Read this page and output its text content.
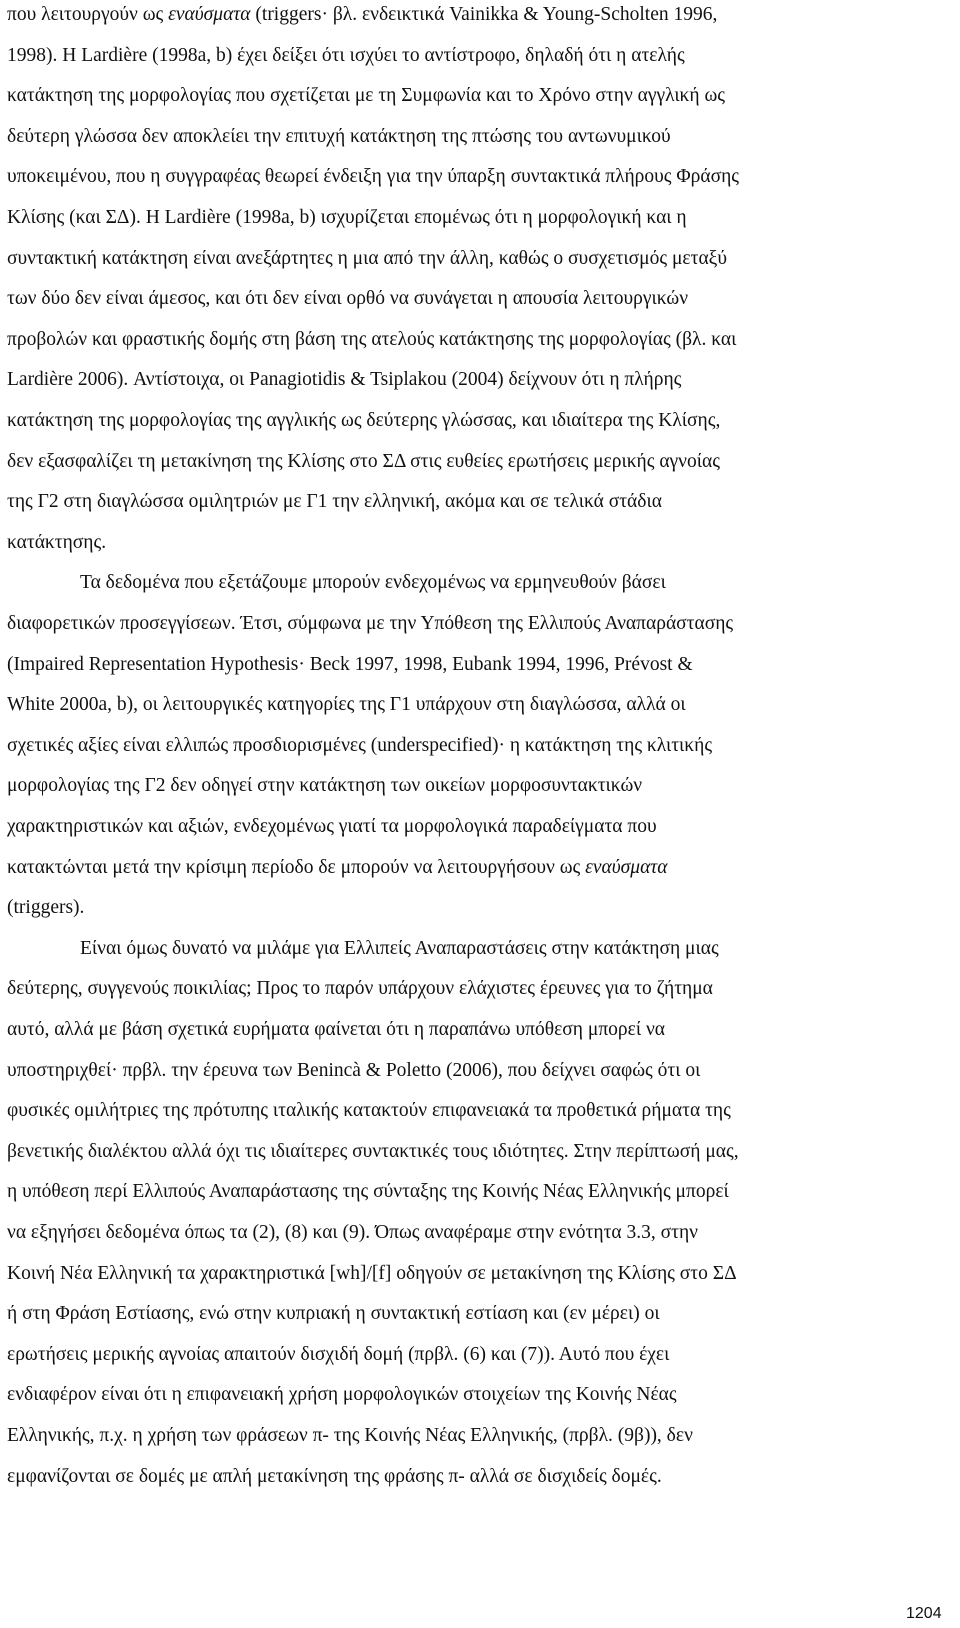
που λειτουργούν ως εναύσματα (triggers· βλ. ενδεικτικά Vainikka & Young-Scholten 1996,
1998). Η Lardière (1998a, b) έχει δείξει ότι ισχύει το αντίστροφο, δηλαδή ότι η ατελής
κατάκτηση της μορφολογίας που σχετίζεται με τη Συμφωνία και το Χρόνο στην αγγλική ως
δεύτερη γλώσσα δεν αποκλείει την επιτυχή κατάκτηση της πτώσης του αντωνυμικού
υποκειμένου, που η συγγραφέας θεωρεί ένδειξη για την ύπαρξη συντακτικά πλήρους Φράσης
Κλίσης (και ΣΔ). Η Lardière (1998a, b) ισχυρίζεται επομένως ότι η μορφολογική και η
συντακτική κατάκτηση είναι ανεξάρτητες η μια από την άλλη, καθώς ο συσχετισμός μεταξύ
των δύο δεν είναι άμεσος, και ότι δεν είναι ορθό να συνάγεται η απουσία λειτουργικών
προβολών και φραστικής δομής στη βάση της ατελούς κατάκτησης της μορφολογίας (βλ. και
Lardière 2006). Αντίστοιχα, οι Panagiotidis & Tsiplakou (2004) δείχνουν ότι η πλήρης
κατάκτηση της μορφολογίας της αγγλικής ως δεύτερης γλώσσας, και ιδιαίτερα της Κλίσης,
δεν εξασφαλίζει τη μετακίνηση της Κλίσης στο ΣΔ στις ευθείες ερωτήσεις μερικής αγνοίας
της Γ2 στη διαγλώσσα ομιλητριών με Γ1 την ελληνική, ακόμα και σε τελικά στάδια
κατάκτησης.
Τα δεδομένα που εξετάζουμε μπορούν ενδεχομένως να ερμηνευθούν βάσει
διαφορετικών προσεγγίσεων. Έτσι, σύμφωνα με την Υπόθεση της Ελλιπούς Αναπαράστασης
(Impaired Representation Hypothesis· Beck 1997, 1998, Eubank 1994, 1996, Prévost &
White 2000a, b), οι λειτουργικές κατηγορίες της Γ1 υπάρχουν στη διαγλώσσα, αλλά οι
σχετικές αξίες είναι ελλιπώς προσδιορισμένες (underspecified)· η κατάκτηση της κλιτικής
μορφολογίας της Γ2 δεν οδηγεί στην κατάκτηση των οικείων μορφοσυντακτικών
χαρακτηριστικών και αξιών, ενδεχομένως γιατί τα μορφολογικά παραδείγματα που
κατακτώνται μετά την κρίσιμη περίοδο δε μπορούν να λειτουργήσουν ως εναύσματα
(triggers).
Είναι όμως δυνατό να μιλάμε για Ελλιπείς Αναπαραστάσεις στην κατάκτηση μιας
δεύτερης, συγγενούς ποικιλίας; Προς το παρόν υπάρχουν ελάχιστες έρευνες για το ζήτημα
αυτό, αλλά με βάση σχετικά ευρήματα φαίνεται ότι η παραπάνω υπόθεση μπορεί να
υποστηριχθεί· πρβλ. την έρευνα των Benincà & Poletto (2006), που δείχνει σαφώς ότι οι
φυσικές ομιλήτριες της πρότυπης ιταλικής κατακτούν επιφανειακά τα προθετικά ρήματα της
βενετικής διαλέκτου αλλά όχι τις ιδιαίτερες συντακτικές τους ιδιότητες. Στην περίπτωσή μας,
η υπόθεση περί Ελλιπούς Αναπαράστασης της σύνταξης της Κοινής Νέας Ελληνικής μπορεί
να εξηγήσει δεδομένα όπως τα (2), (8) και (9). Όπως αναφέραμε στην ενότητα 3.3, στην
Κοινή Νέα Ελληνική τα χαρακτηριστικά [wh]/[f] οδηγούν σε μετακίνηση της Κλίσης στο ΣΔ
ή στη Φράση Εστίασης, ενώ στην κυπριακή η συντακτική εστίαση και (εν μέρει) οι
ερωτήσεις μερικής αγνοίας απαιτούν δισχιδή δομή (πρβλ. (6) και (7)). Αυτό που έχει
ενδιαφέρον είναι ότι η επιφανειακή χρήση μορφολογικών στοιχείων της Κοινής Νέας
Ελληνικής, π.χ. η χρήση των φράσεων π- της Κοινής Νέας Ελληνικής, (πρβλ. (9β)), δεν
εμφανίζονται σε δομές με απλή μετακίνηση της φράσης π- αλλά σε δισχιδείς δομές.
1204
